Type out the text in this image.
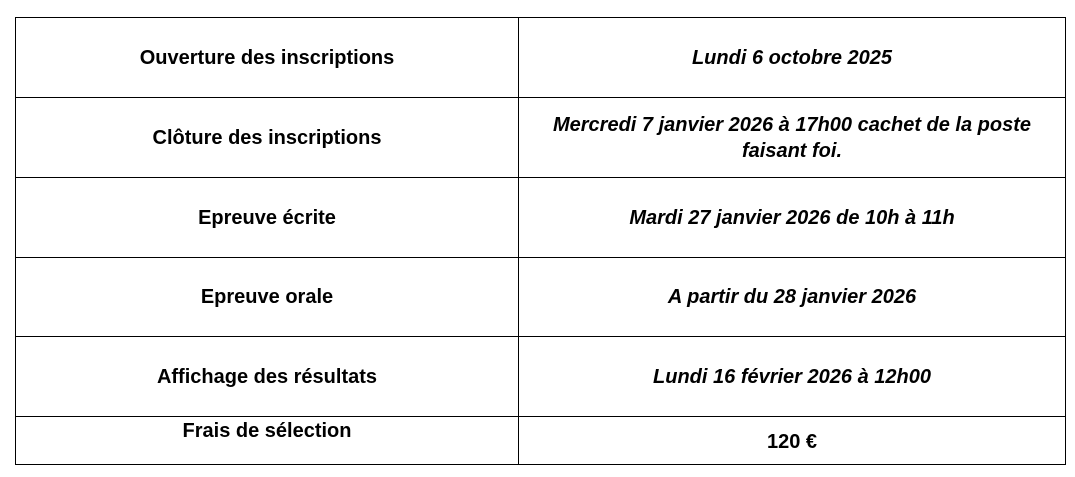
Ouverture des inscriptions	Lundi 6 octobre 2025
Clôture des inscriptions	Mercredi 7 janvier 2026 à 17h00 cachet de la poste faisant foi.
Epreuve écrite	Mardi 27 janvier 2026 de 10h à 11h
Epreuve orale	A partir du 28 janvier 2026
Affichage des résultats	Lundi 16 février 2026 à 12h00
Frais de sélection	120 €
